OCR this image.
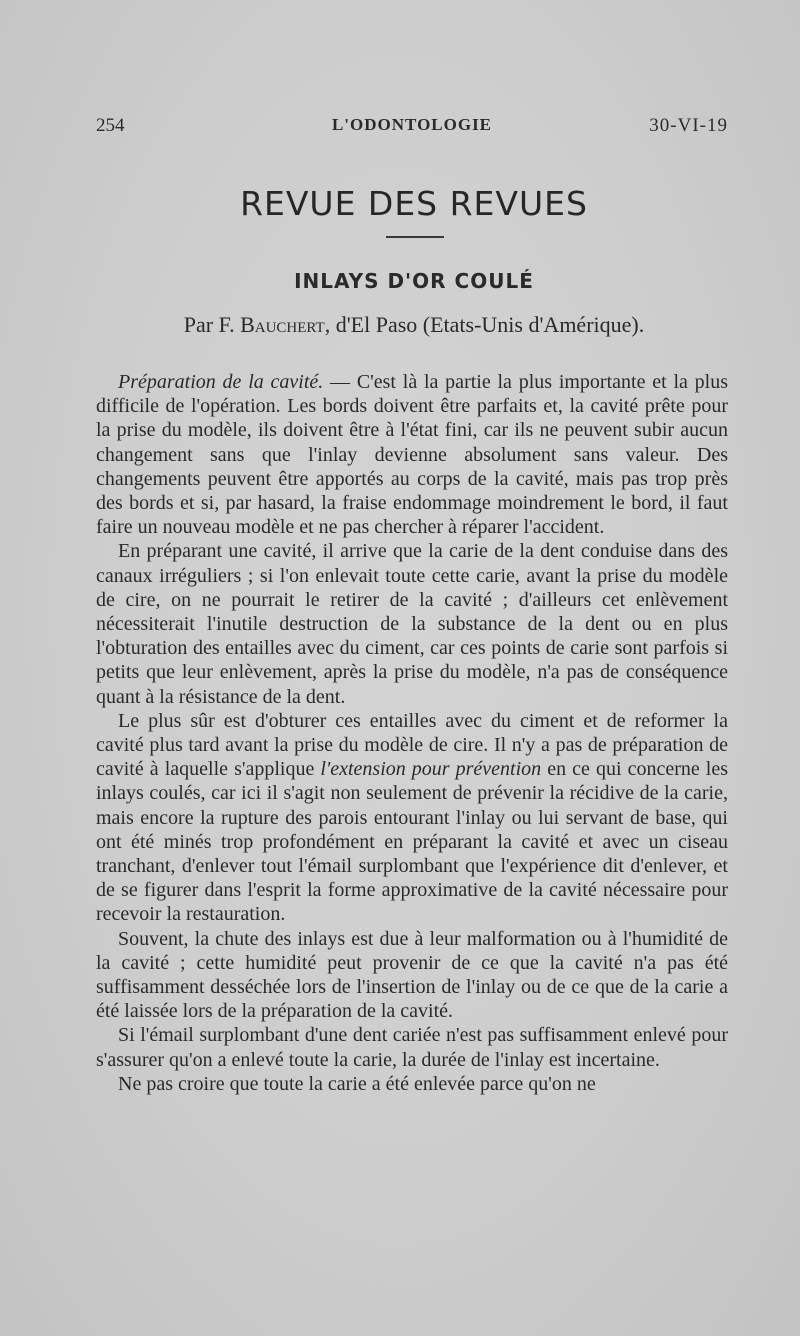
254	L'ODONTOLOGIE	30-VI-19
REVUE DES REVUES
INLAYS D'OR COULÉ
Par F. Bauchert, d'El Paso (Etats-Unis d'Amérique).

Préparation de la cavité. — C'est là la partie la plus importante et la plus difficile de l'opération. Les bords doivent être parfaits et, la cavité prête pour la prise du modèle, ils doivent être à l'état fini, car ils ne peuvent subir aucun changement sans que l'inlay devienne absolument sans valeur. Des changements peuvent être apportés au corps de la cavité, mais pas trop près des bords et si, par hasard, la fraise endommage moindrement le bord, il faut faire un nouveau modèle et ne pas chercher à réparer l'accident.

En préparant une cavité, il arrive que la carie de la dent conduise dans des canaux irréguliers ; si l'on enlevait toute cette carie, avant la prise du modèle de cire, on ne pourrait le retirer de la cavité ; d'ailleurs cet enlèvement nécessiterait l'inutile destruction de la substance de la dent ou en plus l'obturation des entailles avec du ciment, car ces points de carie sont parfois si petits que leur enlèvement, après la prise du modèle, n'a pas de conséquence quant à la résistance de la dent.

Le plus sûr est d'obturer ces entailles avec du ciment et de reformer la cavité plus tard avant la prise du modèle de cire. Il n'y a pas de préparation de cavité à laquelle s'applique l'extension pour prévention en ce qui concerne les inlays coulés, car ici il s'agit non seulement de prévenir la récidive de la carie, mais encore la rupture des parois entourant l'inlay ou lui servant de base, qui ont été minés trop profondément en préparant la cavité et avec un ciseau tranchant, d'enlever tout l'émail surplombant que l'expérience dit d'enlever, et de se figurer dans l'esprit la forme approximative de la cavité nécessaire pour recevoir la restauration.

Souvent, la chute des inlays est due à leur malformation ou à l'humidité de la cavité ; cette humidité peut provenir de ce que la cavité n'a pas été suffisamment desséchée lors de l'insertion de l'inlay ou de ce que de la carie a été laissée lors de la préparation de la cavité.

Si l'émail surplombant d'une dent cariée n'est pas suffisamment enlevé pour s'assurer qu'on a enlevé toute la carie, la durée de l'inlay est incertaine.

Ne pas croire que toute la carie a été enlevée parce qu'on ne
